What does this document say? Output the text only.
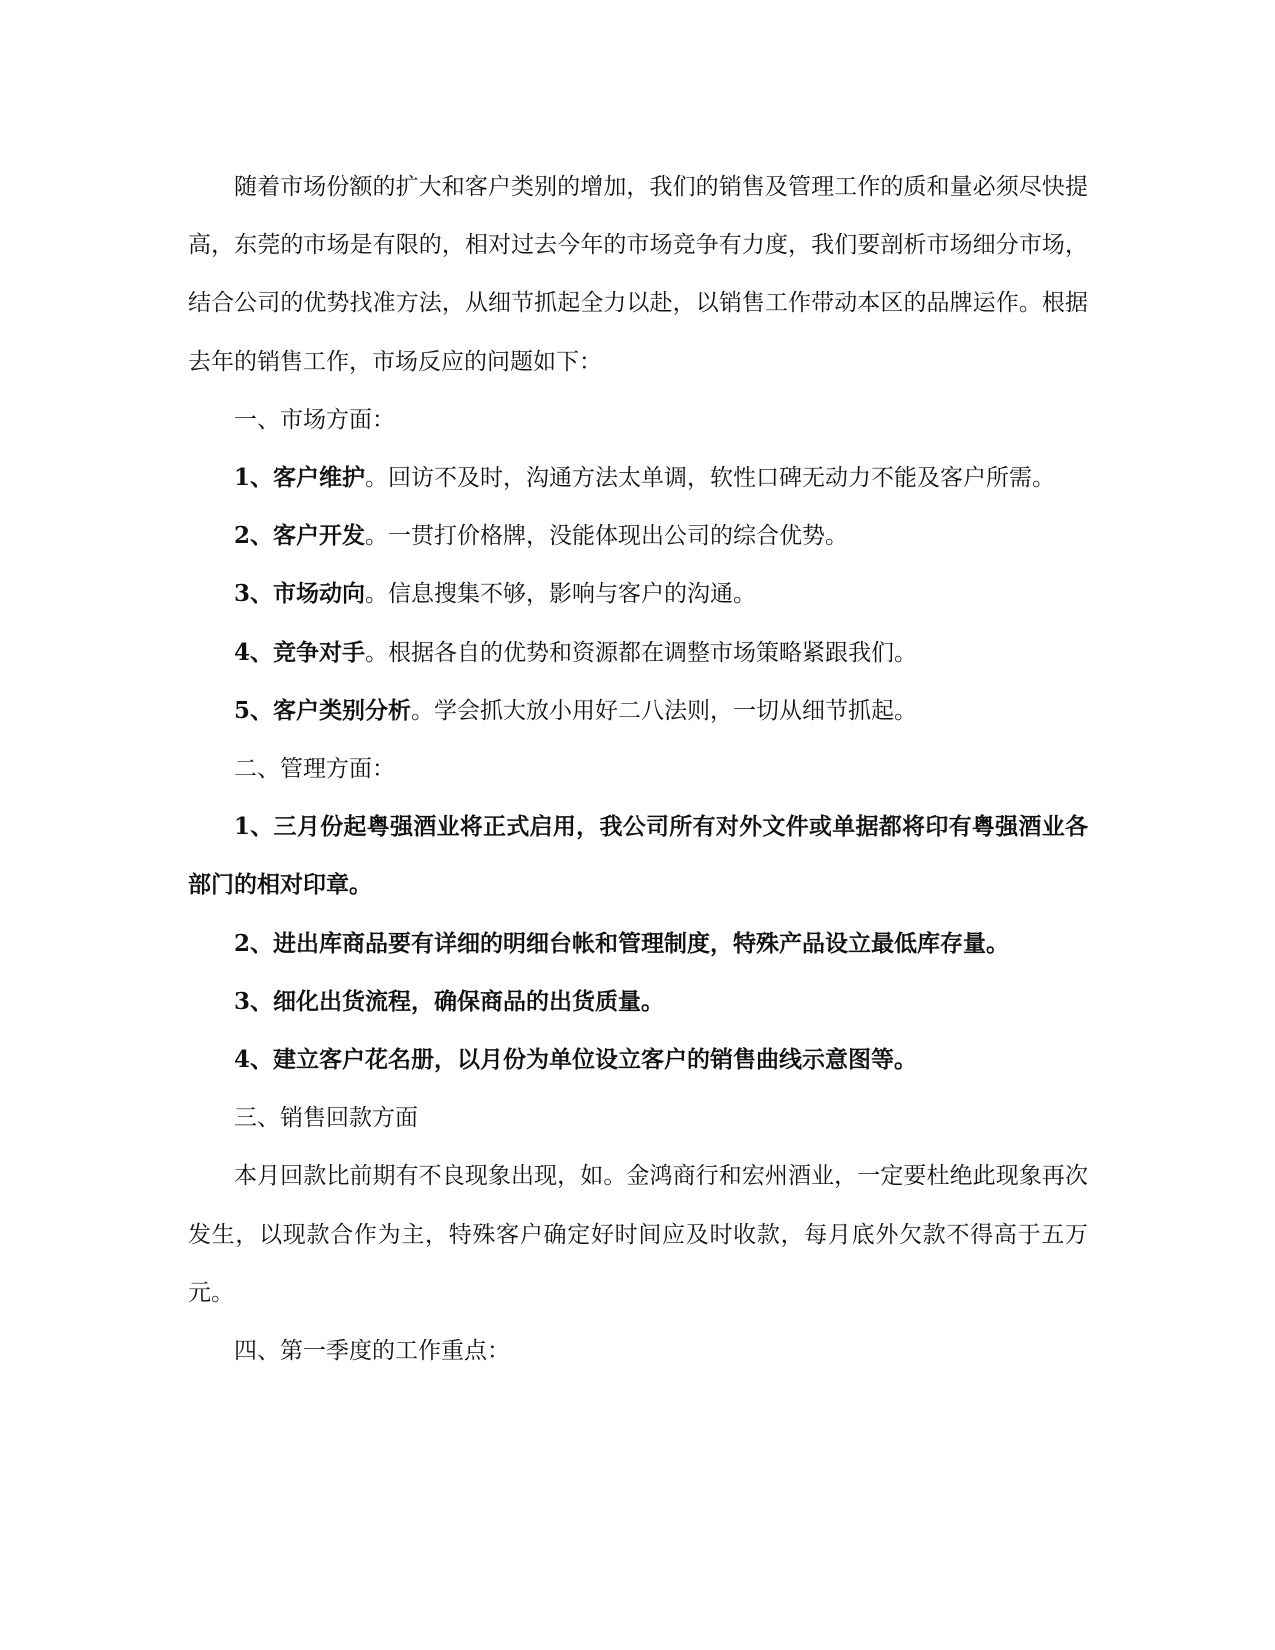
随着市场份额的扩大和客户类别的增加，我们的销售及管理工作的质和量必须尽快提高，东莞的市场是有限的，相对过去今年的市场竞争有力度，我们要剖析市场细分市场，结合公司的优势找准方法，从细节抓起全力以赴，以销售工作带动本区的品牌运作。根据去年的销售工作，市场反应的问题如下：

一、市场方面：

1、客户维护。回访不及时，沟通方法太单调，软性口碑无动力不能及客户所需。

2、客户开发。一贯打价格牌，没能体现出公司的综合优势。

3、市场动向。信息搜集不够，影响与客户的沟通。

4、竞争对手。根据各自的优势和资源都在调整市场策略紧跟我们。

5、客户类别分析。学会抓大放小用好二八法则，一切从细节抓起。

二、管理方面：

1、三月份起粤强酒业将正式启用，我公司所有对外文件或单据都将印有粤强酒业各部门的相对印章。

2、进出库商品要有详细的明细台帐和管理制度，特殊产品设立最低库存量。

3、细化出货流程，确保商品的出货质量。

4、建立客户花名册，以月份为单位设立客户的销售曲线示意图等。

三、销售回款方面

本月回款比前期有不良现象出现，如。金鸿商行和宏州酒业，一定要杜绝此现象再次发生，以现款合作为主，特殊客户确定好时间应及时收款，每月底外欠款不得高于五万元。

四、第一季度的工作重点：
